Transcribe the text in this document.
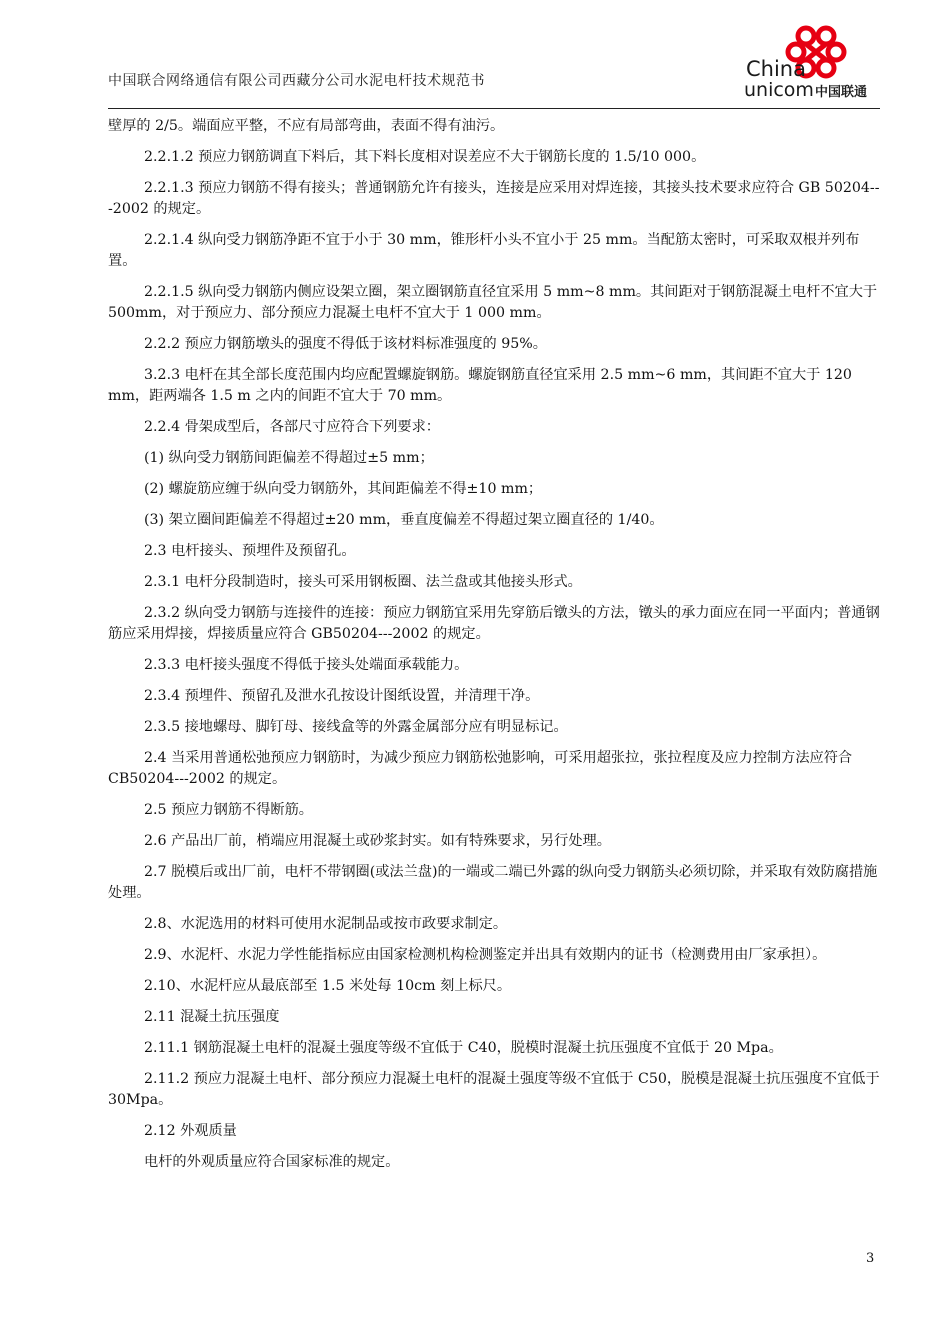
中国联合网络通信有限公司西藏分公司水泥电杆技术规范书	China
unicom 中国联通

壁厚的 2/5。端面应平整，不应有局部弯曲，表面不得有油污。

2.2.1.2 预应力钢筋调直下料后，其下料长度相对误差应不大于钢筋长度的 1.5/10 000。

2.2.1.3 预应力钢筋不得有接头；普通钢筋允许有接头，连接是应采用对焊连接，其接头技术要求应符合 GB 50204---2002 的规定。

2.2.1.4 纵向受力钢筋净距不宜于小于 30 mm，锥形杆小头不宜小于 25 mm。当配筋太密时，可采取双根并列布置。

2.2.1.5 纵向受力钢筋内侧应设架立圈，架立圈钢筋直径宜采用 5 mm~8 mm。其间距对于钢筋混凝土电杆不宜大于 500mm，对于预应力、部分预应力混凝土电杆不宜大于 1 000 mm。

2.2.2 预应力钢筋墩头的强度不得低于该材料标准强度的 95%。

3.2.3 电杆在其全部长度范围内均应配置螺旋钢筋。螺旋钢筋直径宜采用 2.5 mm~6 mm，其间距不宜大于 120 mm，距两端各 1.5 m 之内的间距不宜大于 70 mm。

2.2.4 骨架成型后，各部尺寸应符合下列要求：

(1) 纵向受力钢筋间距偏差不得超过±5 mm；

(2) 螺旋筋应缠于纵向受力钢筋外，其间距偏差不得±10 mm；

(3) 架立圈间距偏差不得超过±20 mm，垂直度偏差不得超过架立圈直径的 1/40。

2.3 电杆接头、预埋件及预留孔。

2.3.1 电杆分段制造时，接头可采用钢板圈、法兰盘或其他接头形式。

2.3.2 纵向受力钢筋与连接件的连接：预应力钢筋宜采用先穿筋后镦头的方法，镦头的承力面应在同一平面内；普通钢筋应采用焊接，焊接质量应符合 GB50204---2002 的规定。

2.3.3 电杆接头强度不得低于接头处端面承载能力。

2.3.4 预埋件、预留孔及泄水孔按设计图纸设置，并清理干净。

2.3.5 接地螺母、脚钉母、接线盒等的外露金属部分应有明显标记。

2.4 当采用普通松弛预应力钢筋时，为减少预应力钢筋松弛影响，可采用超张拉，张拉程度及应力控制方法应符合 CB50204---2002 的规定。

2.5 预应力钢筋不得断筋。

2.6 产品出厂前，梢端应用混凝土或砂浆封实。如有特殊要求，另行处理。

2.7 脱模后或出厂前，电杆不带钢圈(或法兰盘)的一端或二端已外露的纵向受力钢筋头必须切除，并采取有效防腐措施处理。

2.8、水泥选用的材料可使用水泥制品或按市政要求制定。

2.9、水泥杆、水泥力学性能指标应由国家检测机构检测鉴定并出具有效期内的证书（检测费用由厂家承担）。

2.10、水泥杆应从最底部至 1.5 米处每 10cm 刻上标尺。

2.11 混凝土抗压强度

2.11.1 钢筋混凝土电杆的混凝土强度等级不宜低于 C40，脱模时混凝土抗压强度不宜低于 20 Mpa。

2.11.2 预应力混凝土电杆、部分预应力混凝土电杆的混凝土强度等级不宜低于 C50，脱模是混凝土抗压强度不宜低于 30Mpa。

2.12 外观质量

电杆的外观质量应符合国家标准的规定。

3
